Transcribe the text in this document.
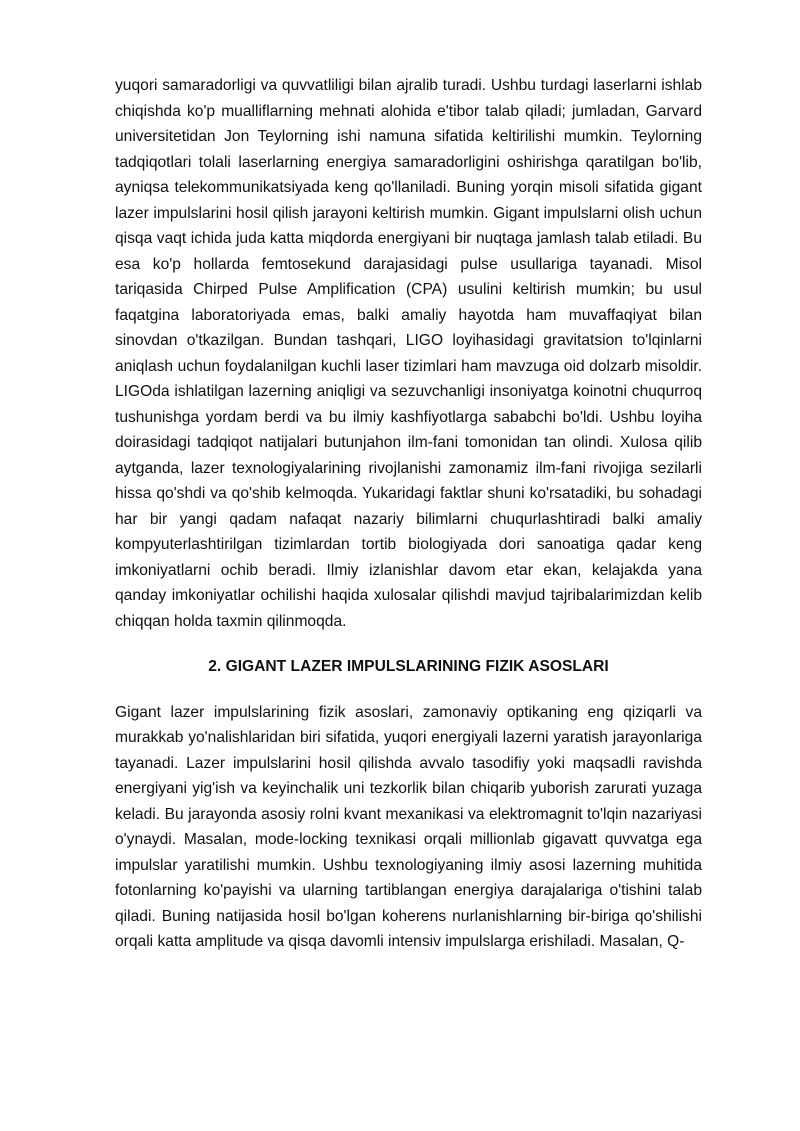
yuqori samaradorligi va quvvatliligi bilan ajralib turadi. Ushbu turdagi laserlarni ishlab chiqishda ko'p mualliflarning mehnati alohida e'tibor talab qiladi; jumladan, Garvard universitetidan Jon Teylorning ishi namuna sifatida keltirilishi mumkin. Teylorning tadqiqotlari tolali laserlarning energiya samaradorligini oshirishga qaratilgan bo'lib, ayniqsa telekommunikatsiyada keng qo'llaniladi. Buning yorqin misoli sifatida gigant lazer impulslarini hosil qilish jarayoni keltirish mumkin. Gigant impulslarni olish uchun qisqa vaqt ichida juda katta miqdorda energiyani bir nuqtaga jamlash talab etiladi. Bu esa ko'p hollarda femtosekund darajasidagi pulse usullariga tayanadi. Misol tariqasida Chirped Pulse Amplification (CPA) usulini keltirish mumkin; bu usul faqatgina laboratoriyada emas, balki amaliy hayotda ham muvaffaqiyat bilan sinovdan o'tkazilgan. Bundan tashqari, LIGO loyihasidagi gravitatsion to'lqinlarni aniqlash uchun foydalanilgan kuchli laser tizimlari ham mavzuga oid dolzarb misoldir. LIGOda ishlatilgan lazerning aniqligi va sezuvchanligi insoniyatga koinotni chuqurroq tushunishga yordam berdi va bu ilmiy kashfiyotlarga sababchi bo'ldi. Ushbu loyiha doirasidagi tadqiqot natijalari butunjahon ilm-fani tomonidan tan olindi. Xulosa qilib aytganda, lazer texnologiyalarining rivojlanishi zamonamiz ilm-fani rivojiga sezilarli hissa qo'shdi va qo'shib kelmoqda. Yukaridagi faktlar shuni ko'rsatadiki, bu sohadagi har bir yangi qadam nafaqat nazariy bilimlarni chuqurlashtiradi balki amaliy kompyuterlashtirilgan tizimlardan tortib biologiyada dori sanoatiga qadar keng imkoniyatlarni ochib beradi. Ilmiy izlanishlar davom etar ekan, kelajakda yana qanday imkoniyatlar ochilishi haqida xulosalar qilishdi mavjud tajribalarimizdan kelib chiqqan holda taxmin qilinmoqda.

2. GIGANT LAZER IMPULSLARINING FIZIK ASOSLARI

Gigant lazer impulslarining fizik asoslari, zamonaviy optikaning eng qiziqarli va murakkab yo'nalishlaridan biri sifatida, yuqori energiyali lazerni yaratish jarayonlariga tayanadi. Lazer impulslarini hosil qilishda avvalo tasodifiy yoki maqsadli ravishda energiyani yig'ish va keyinchalik uni tezkorlik bilan chiqarib yuborish zarurati yuzaga keladi. Bu jarayonda asosiy rolni kvant mexanikasi va elektromagnit to'lqin nazariyasi o'ynaydi. Masalan, mode-locking texnikasi orqali millionlab gigavatt quvvatga ega impulslar yaratilishi mumkin. Ushbu texnologiyaning ilmiy asosi lazerning muhitida fotonlarning ko'payishi va ularning tartiblangan energiya darajalariga o'tishini talab qiladi. Buning natijasida hosil bo'lgan koherens nurlanishlarning bir-biriga qo'shilishi orqali katta amplitude va qisqa davomli intensiv impulslarga erishiladi. Masalan, Q-
